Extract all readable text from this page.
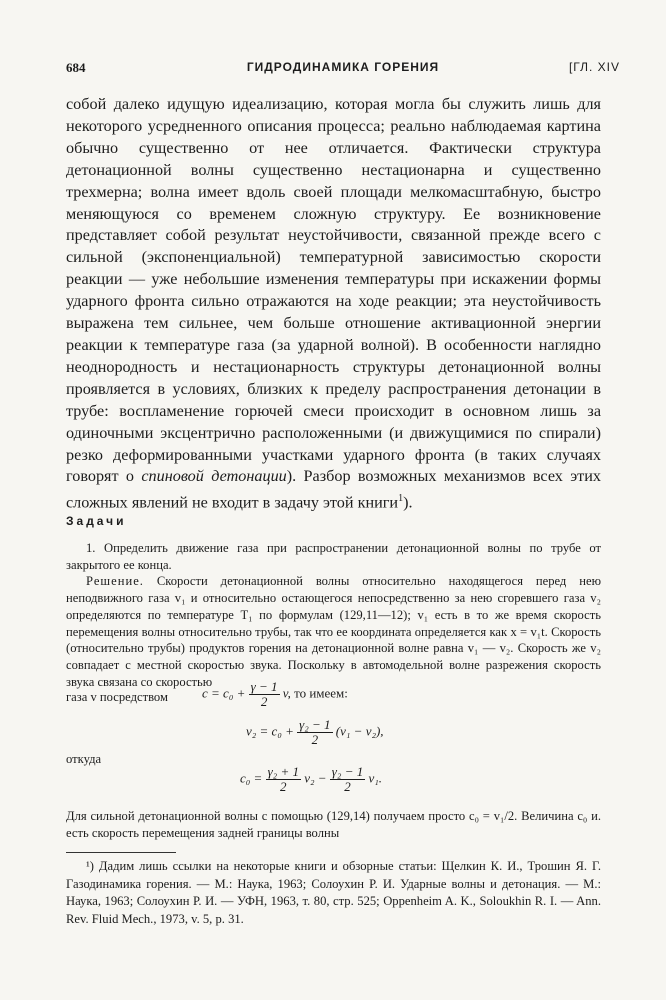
684	ГИДРОДИНАМИКА ГОРЕНИЯ	[ГЛ. XIV

собой далеко идущую идеализацию, которая могла бы служить лишь для некоторого усредненного описания процесса; реально наблюдаемая картина обычно существенно от нее отличается. Фактически структура детонационной волны существенно нестационарна и существенно трехмерна; волна имеет вдоль своей площади мелкомасштабную, быстро меняющуюся со временем сложную структуру. Ее возникновение представляет собой результат неустойчивости, связанной прежде всего с сильной (экспоненциальной) температурной зависимостью скорости реакции — уже небольшие изменения температуры при искажении формы ударного фронта сильно отражаются на ходе реакции; эта неустойчивость выражена тем сильнее, чем больше отношение активационной энергии реакции к температуре газа (за ударной волной). В особенности наглядно неоднородность и нестационарность структуры детонационной волны проявляется в условиях, близких к пределу распространения детонации в трубе: воспламенение горючей смеси происходит в основном лишь за одиночными эксцентрично расположенными (и движущимися по спирали) резко деформированными участками ударного фронта (в таких случаях говорят о спиновой детонации). Разбор возможных механизмов всех этих сложных явлений не входит в задачу этой книги$^1$).

Задачи

1. Определить движение газа при распространении детонационной волны по трубе от закрытого ее конца.

Решение. Скорости детонационной волны относительно находящегося перед нею неподвижного газа v₁ и относительно остающегося непосредственно за нею сгоревшего газа v₂ определяются по температуре T₁ по формулам (129,11—12); v₁ есть в то же время скорость перемещения волны относительно трубы, так что ее координата определяется как x = v₁t. Скорость (относительно трубы) продуктов горения на детонационной волне равна v₁ — v₂. Скорость же v₂ совпадает с местной скоростью звука. Поскольку в автомодельной волне разрежения скорость звука связана со скоростью

газа v посредством	$c = c_0 + \frac{\gamma - 1}{2} v$, то имеем:
$v_2 = c_0 + \frac{\text{γ₂ − 1}}{2} (v_1 - v_2)$,
откуда
$c_0 = \frac{\text{γ₂ + 1}}{2} v_2 - \frac{\text{γ₂ − 1}}{2} v_1$.

Для сильной детонационной волны с помощью (129,14) получаем просто c₀ = v₁/2. Величина c₀ и. есть скорость перемещения задней границы волны

¹) Дадим лишь ссылки на некоторые книги и обзорные статьи: Щелкин К. И., Трошин Я. Г. Газодинамика горения. — М.: Наука, 1963; Солоухин Р. И. Ударные волны и детонация. — М.: Наука, 1963; Солоухин Р. И. — УФН, 1963, т. 80, стр. 525; Oppenheim A. K., Soloukhin R. I. — Ann. Rev. Fluid Mech., 1973, v. 5, p. 31.
